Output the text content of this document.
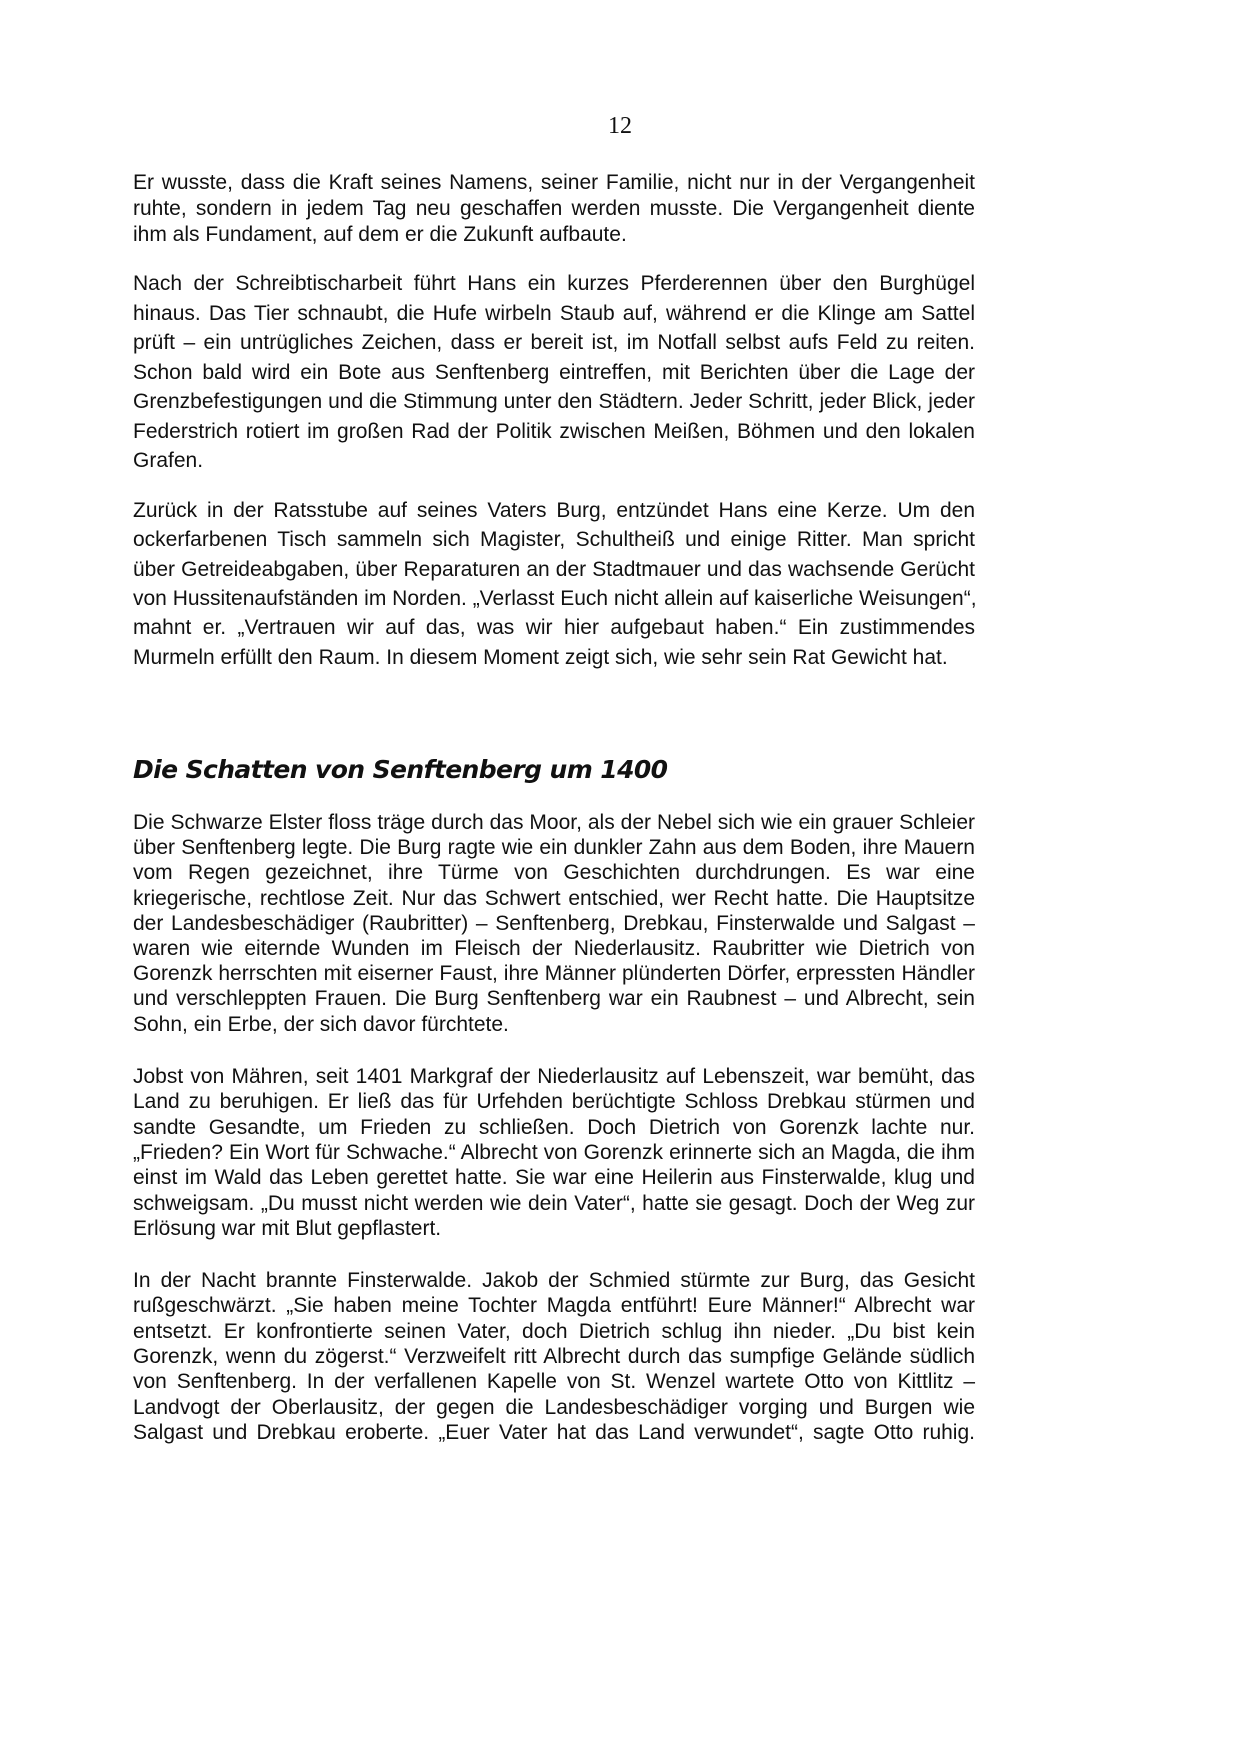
12
Er wusste, dass die Kraft seines Namens, seiner Familie, nicht nur in der Vergangenheit
ruhte, sondern in jedem Tag neu geschaffen werden musste. Die Vergangenheit diente
ihm als Fundament, auf dem er die Zukunft aufbaute.
Nach der Schreibtischarbeit führt Hans ein kurzes Pferderennen über den Burghügel
hinaus. Das Tier schnaubt, die Hufe wirbeln Staub auf, während er die Klinge am Sattel
prüft – ein untrügliches Zeichen, dass er bereit ist, im Notfall selbst aufs Feld zu reiten.
Schon bald wird ein Bote aus Senftenberg eintreffen, mit Berichten über die Lage der
Grenzbefestigungen und die Stimmung unter den Städtern. Jeder Schritt, jeder Blick, jeder
Federstrich rotiert im großen Rad der Politik zwischen Meißen, Böhmen und den lokalen
Grafen.
Zurück in der Ratsstube auf seines Vaters Burg, entzündet Hans eine Kerze. Um den
ockerfarbenen Tisch sammeln sich Magister, Schultheiß und einige Ritter. Man spricht
über Getreideabgaben, über Reparaturen an der Stadtmauer und das wachsende Gerücht
von Hussitenaufständen im Norden. „Verlasst Euch nicht allein auf kaiserliche Weisungen“,
mahnt er. „Vertrauen wir auf das, was wir hier aufgebaut haben.“ Ein zustimmendes
Murmeln erfüllt den Raum. In diesem Moment zeigt sich, wie sehr sein Rat Gewicht hat.
Die Schatten von Senftenberg um 1400
Die Schwarze Elster floss träge durch das Moor, als der Nebel sich wie ein grauer Schleier
über Senftenberg legte. Die Burg ragte wie ein dunkler Zahn aus dem Boden, ihre Mauern
vom Regen gezeichnet, ihre Türme von Geschichten durchdrungen. Es war eine
kriegerische, rechtlose Zeit. Nur das Schwert entschied, wer Recht hatte. Die Hauptsitze
der Landesbeschädiger (Raubritter) – Senftenberg, Drebkau, Finsterwalde und Salgast –
waren wie eiternde Wunden im Fleisch der Niederlausitz. Raubritter wie Dietrich von
Gorenzk herrschten mit eiserner Faust, ihre Männer plünderten Dörfer, erpressten Händler
und verschleppten Frauen. Die Burg Senftenberg war ein Raubnest – und Albrecht, sein
Sohn, ein Erbe, der sich davor fürchtete.
Jobst von Mähren, seit 1401 Markgraf der Niederlausitz auf Lebenszeit, war bemüht, das
Land zu beruhigen. Er ließ das für Urfehden berüchtigte Schloss Drebkau stürmen und
sandte Gesandte, um Frieden zu schließen. Doch Dietrich von Gorenzk lachte nur.
„Frieden? Ein Wort für Schwache.“ Albrecht von Gorenzk erinnerte sich an Magda, die ihm
einst im Wald das Leben gerettet hatte. Sie war eine Heilerin aus Finsterwalde, klug und
schweigsam. „Du musst nicht werden wie dein Vater“, hatte sie gesagt. Doch der Weg zur
Erlösung war mit Blut gepflastert.
In der Nacht brannte Finsterwalde. Jakob der Schmied stürmte zur Burg, das Gesicht
rußgeschwärzt. „Sie haben meine Tochter Magda entführt! Eure Männer!“ Albrecht war
entsetzt. Er konfrontierte seinen Vater, doch Dietrich schlug ihn nieder. „Du bist kein
Gorenzk, wenn du zögerst.“ Verzweifelt ritt Albrecht durch das sumpfige Gelände südlich
von Senftenberg. In der verfallenen Kapelle von St. Wenzel wartete Otto von Kittlitz –
Landvogt der Oberlausitz, der gegen die Landesbeschädiger vorging und Burgen wie
Salgast und Drebkau eroberte. „Euer Vater hat das Land verwundet“, sagte Otto ruhig.
